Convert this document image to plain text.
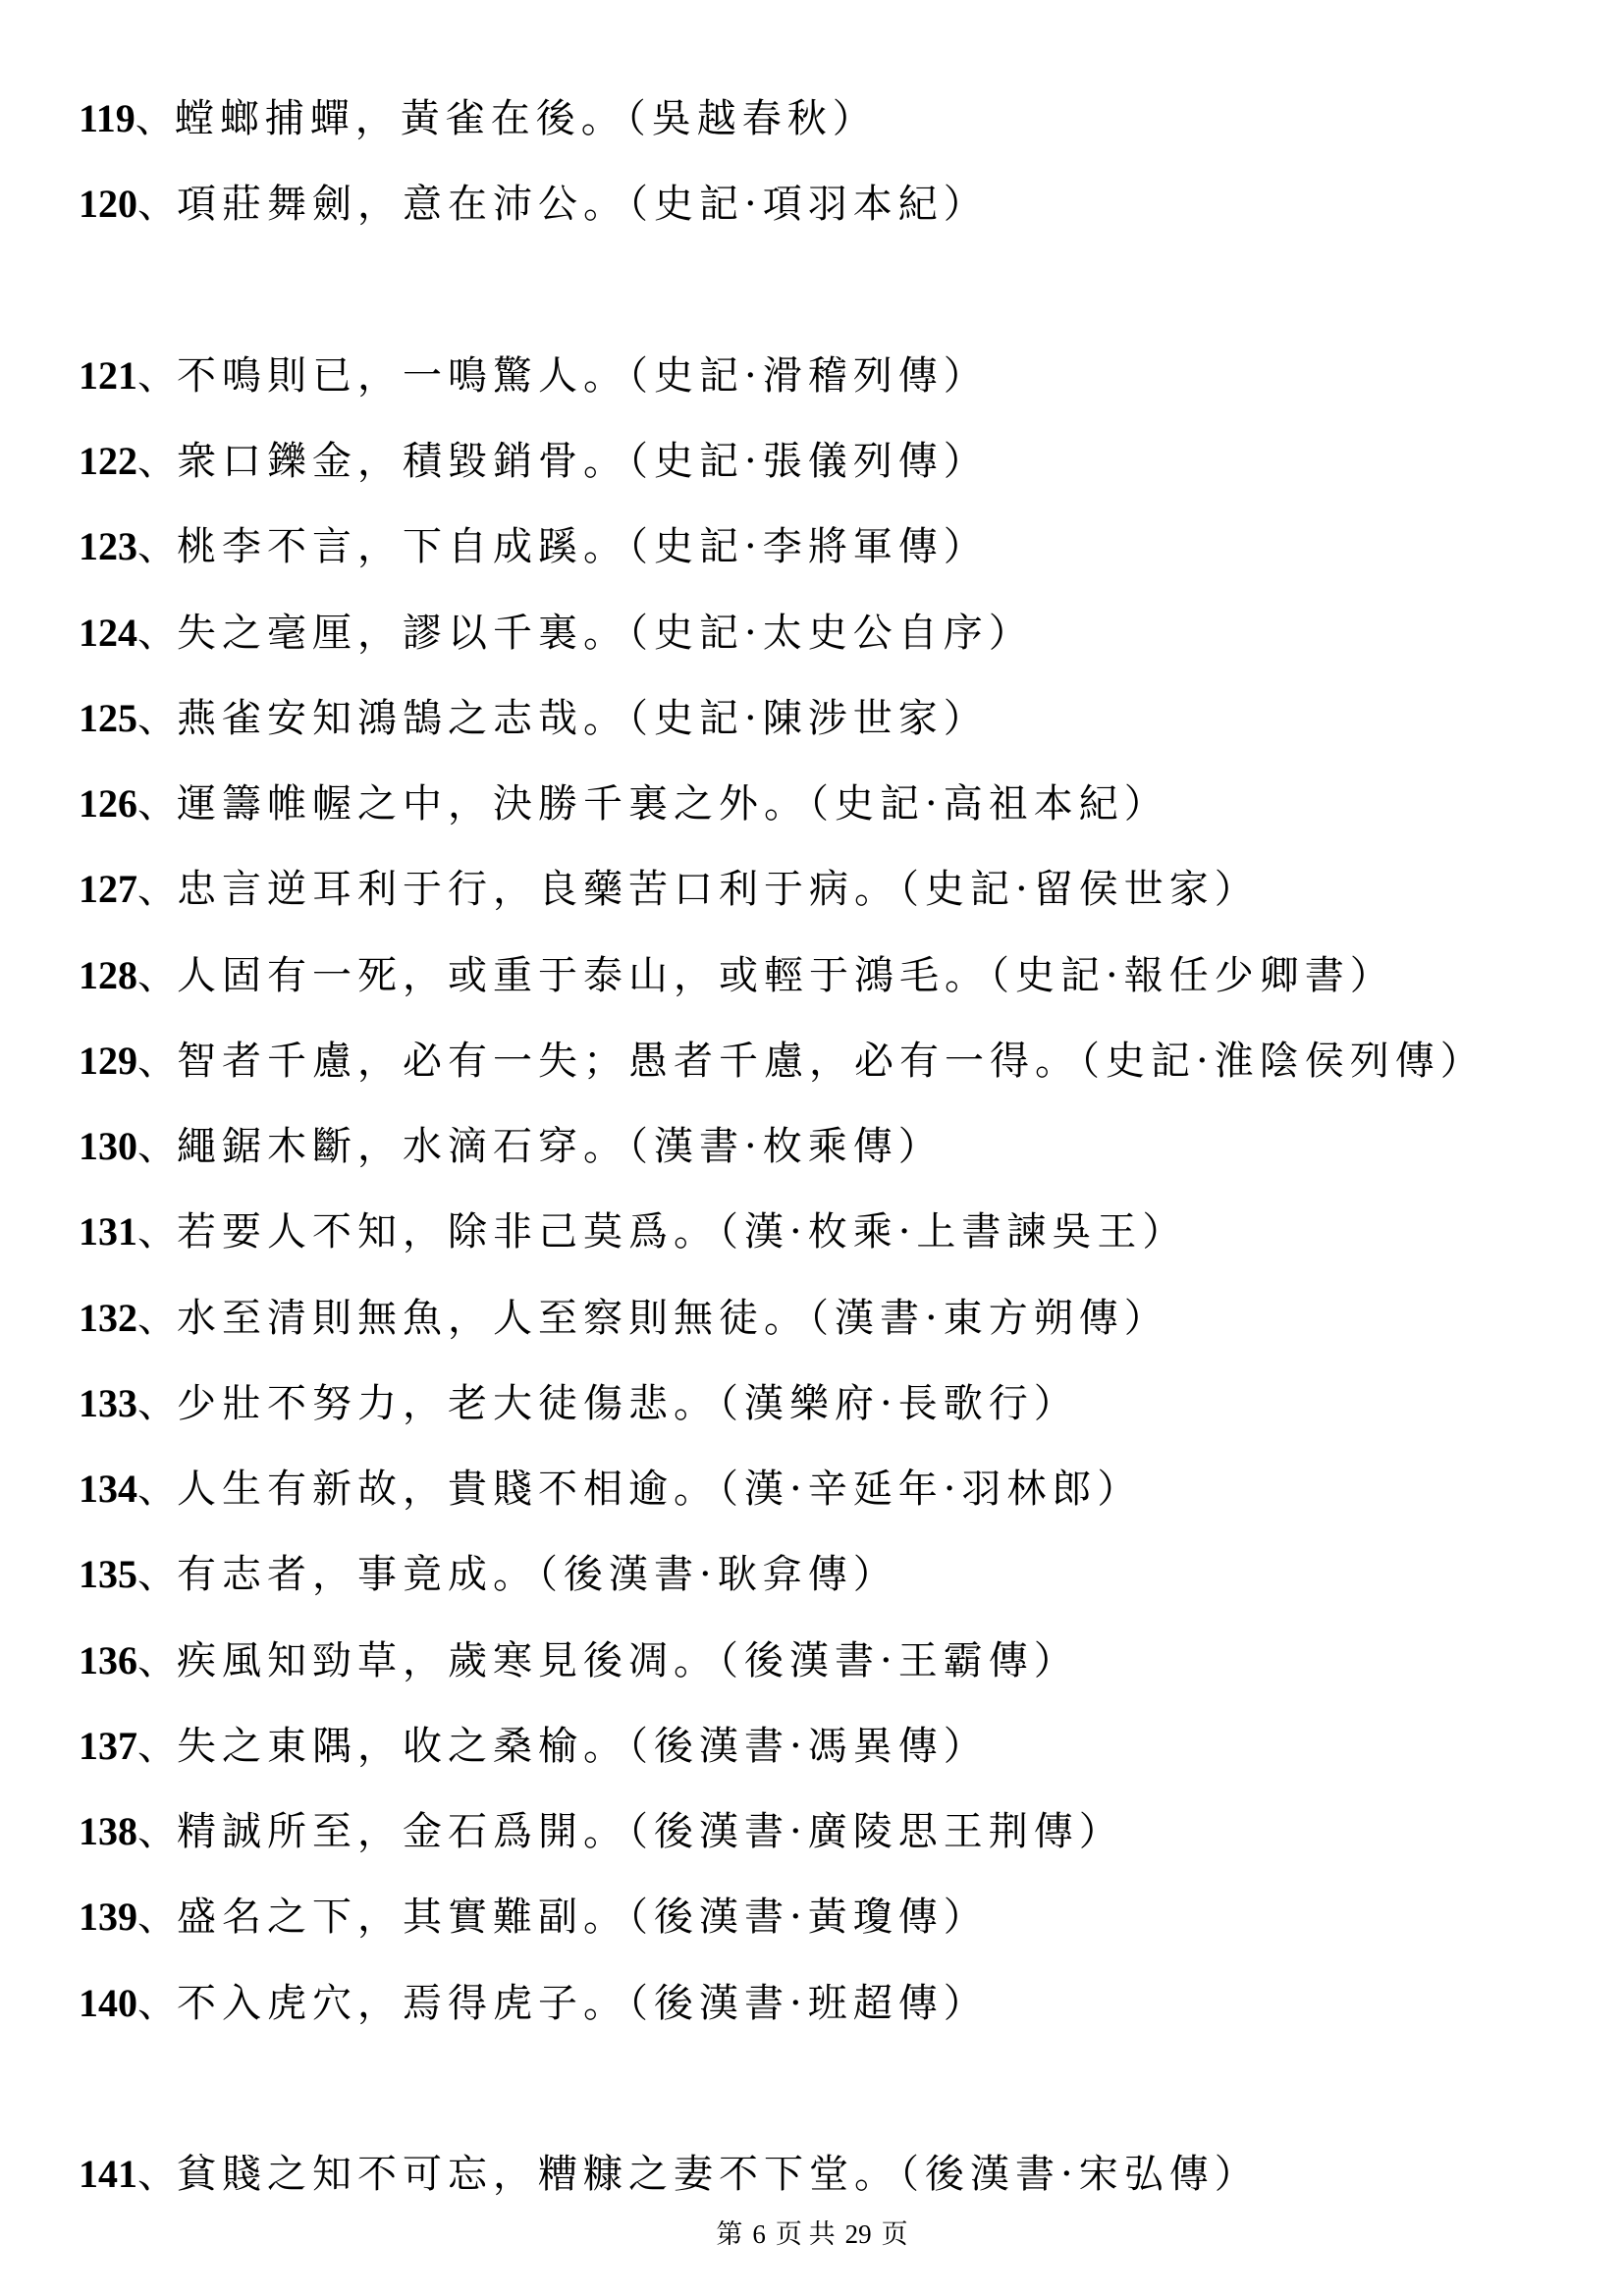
119、螳螂捕蟬，黃雀在後。（吳越春秋）
120、項莊舞劍，意在沛公。（史記·項羽本紀）
121、不鳴則已，一鳴驚人。（史記·滑稽列傳）
122、衆口鑠金，積毀銷骨。（史記·張儀列傳）
123、桃李不言，下自成蹊。（史記·李將軍傳）
124、失之毫厘，謬以千裏。（史記·太史公自序）
125、燕雀安知鴻鵠之志哉。（史記·陳涉世家）
126、運籌帷幄之中，決勝千裏之外。（史記·高祖本紀）
127、忠言逆耳利于行，良藥苦口利于病。（史記·留侯世家）
128、人固有一死，或重于泰山，或輕于鴻毛。（史記·報任少卿書）
129、智者千慮，必有一失；愚者千慮，必有一得。（史記·淮陰侯列傳）
130、繩鋸木斷，水滴石穿。（漢書·枚乘傳）
131、若要人不知，除非己莫爲。（漢·枚乘·上書諫吳王）
132、水至清則無魚，人至察則無徒。（漢書·東方朔傳）
133、少壯不努力，老大徒傷悲。（漢樂府·長歌行）
134、人生有新故，貴賤不相逾。（漢·辛延年·羽林郎）
135、有志者，事竟成。（後漢書·耿弇傳）
136、疾風知勁草，歲寒見後凋。（後漢書·王霸傳）
137、失之東隅，收之桑榆。（後漢書·馮異傳）
138、精誠所至，金石爲開。（後漢書·廣陵思王荆傳）
139、盛名之下，其實難副。（後漢書·黃瓊傳）
140、不入虎穴，焉得虎子。（後漢書·班超傳）
141、貧賤之知不可忘，糟糠之妻不下堂。（後漢書·宋弘傳）
第 6 页 共 29 页
